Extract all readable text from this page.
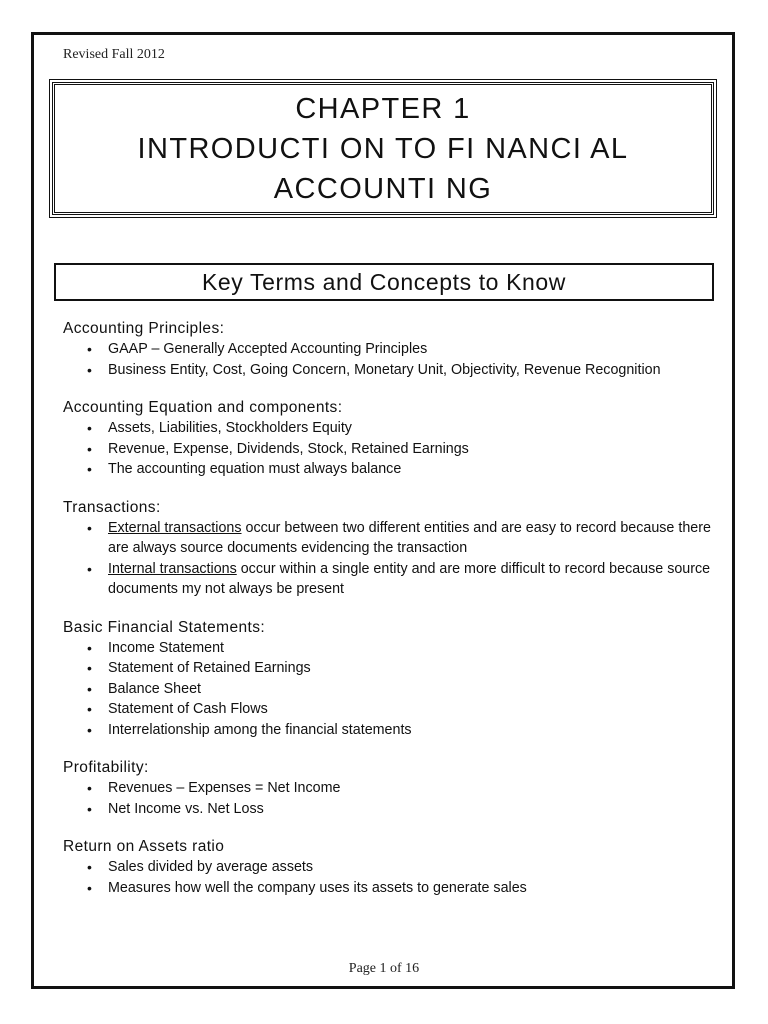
Revised Fall 2012
CHAPTER 1
INTRODUCTI ON TO FI NANCI AL
ACCOUNTI NG
Key Terms and Concepts to Know
Accounting Principles:
• GAAP – Generally Accepted Accounting Principles
• Business Entity, Cost, Going Concern, Monetary Unit, Objectivity, Revenue Recognition
Accounting Equation and components:
• Assets, Liabilities, Stockholders Equity
• Revenue, Expense, Dividends, Stock, Retained Earnings
• The accounting equation must always balance
Transactions:
• External transactions occur between two different entities and are easy to record because there are always source documents evidencing the transaction
• Internal transactions occur within a single entity and are more difficult to record because source documents my not always be present
Basic Financial Statements:
• Income Statement
• Statement of Retained Earnings
• Balance Sheet
• Statement of Cash Flows
• Interrelationship among the financial statements
Profitability:
• Revenues – Expenses = Net Income
• Net Income vs. Net Loss
Return on Assets ratio
• Sales divided by average assets
• Measures how well the company uses its assets to generate sales
Page 1 of 16
